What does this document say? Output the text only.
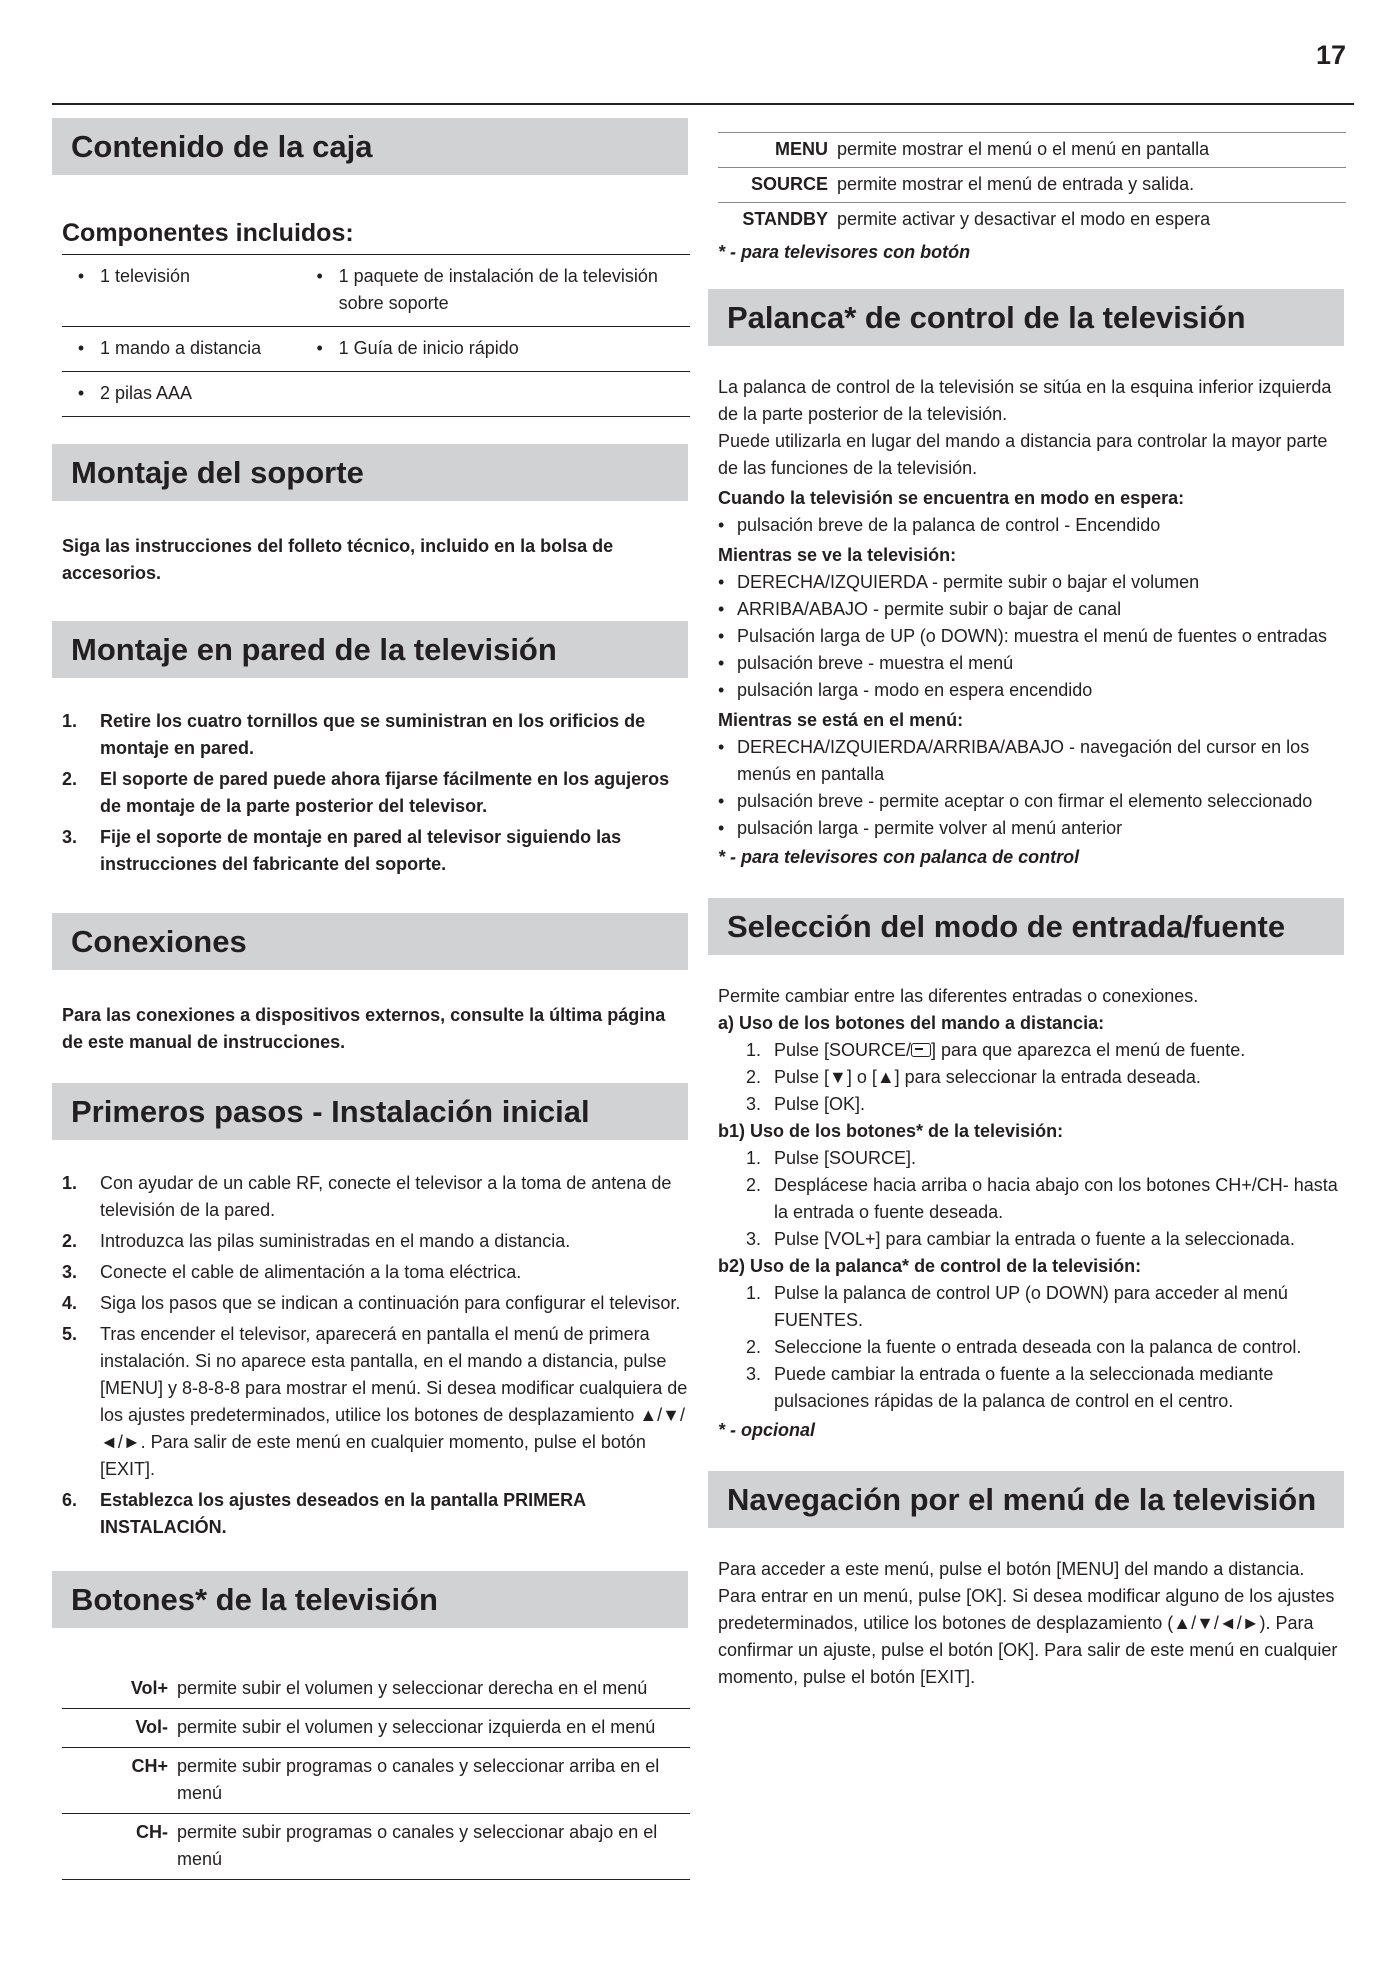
17
Contenido de la caja
Componentes incluidos:
• 1 televisión	• 1 paquete de instalación de la televisión sobre soporte
• 1 mando a distancia	• 1 Guía de inicio rápido
• 2 pilas AAA
Montaje del soporte
Siga las instrucciones del folleto técnico, incluido en la bolsa de accesorios.
Montaje en pared de la televisión
1.	Retire los cuatro tornillos que se suministran en los orificios de montaje en pared.
2.	El soporte de pared puede ahora fijarse fácilmente en los agujeros de montaje de la parte posterior del televisor.
3.	Fije el soporte de montaje en pared al televisor siguiendo las instrucciones del fabricante del soporte.
Conexiones
Para las conexiones a dispositivos externos, consulte la última página de este manual de instrucciones.
Primeros pasos - Instalación inicial
1.	Con ayudar de un cable RF, conecte el televisor a la toma de antena de televisión de la pared.
2.	Introduzca las pilas suministradas en el mando a distancia.
3.	Conecte el cable de alimentación a la toma eléctrica.
4.	Siga los pasos que se indican a continuación para configurar el televisor.
5.	Tras encender el televisor, aparecerá en pantalla el menú de primera instalación. Si no aparece esta pantalla, en el mando a distancia, pulse [MENU] y 8-8-8-8 para mostrar el menú. Si desea modificar cualquiera de los ajustes predeterminados, utilice los botones de desplazamiento ▲/▼/◄/►. Para salir de este menú en cualquier momento, pulse el botón [EXIT].
6.	Establezca los ajustes deseados en la pantalla PRIMERA INSTALACIÓN.
Botones* de la televisión
Vol+ permite subir el volumen y seleccionar derecha en el menú
Vol- permite subir el volumen y seleccionar izquierda en el menú
CH+ permite subir programas o canales y seleccionar arriba en el menú
CH- permite subir programas o canales y seleccionar abajo en el menú
MENU permite mostrar el menú o el menú en pantalla
SOURCE permite mostrar el menú de entrada y salida.
STANDBY permite activar y desactivar el modo en espera
* - para televisores con botón
Palanca* de control de la televisión

La palanca de control de la televisión se sitúa en la esquina inferior izquierda de la parte posterior de la televisión.

Puede utilizarla en lugar del mando a distancia para controlar la mayor parte de las funciones de la televisión.

Cuando la televisión se encuentra en modo en espera:

• pulsación breve de la palanca de control - Encendido

Mientras se ve la televisión:

• DERECHA/IZQUIERDA - permite subir o bajar el volumen
• ARRIBA/ABAJO - permite subir o bajar de canal
• Pulsación larga de UP (o DOWN): muestra el menú de fuentes o entradas
• pulsación breve - muestra el menú
• pulsación larga - modo en espera encendido

Mientras se está en el menú:

• DERECHA/IZQUIERDA/ARRIBA/ABAJO - navegación del cursor en los menús en pantalla
• pulsación breve - permite aceptar o con firmar el elemento seleccionado
• pulsación larga - permite volver al menú anterior
* - para televisores con palanca de control
Selección del modo de entrada/fuente

Permite cambiar entre las diferentes entradas o conexiones.

a) Uso de los botones del mando a distancia:

1. Pulse [SOURCE/ ] para que aparezca el menú de fuente.
2. Pulse [▼] o [▲] para seleccionar la entrada deseada.
3. Pulse [OK].

b1) Uso de los botones* de la televisión:

1. Pulse [SOURCE].
2. Desplácese hacia arriba o hacia abajo con los botones CH+/CH- hasta la entrada o fuente deseada.
3. Pulse [VOL+] para cambiar la entrada o fuente a la seleccionada.

b2) Uso de la palanca* de control de la televisión:

1. Pulse la palanca de control UP (o DOWN) para acceder al menú FUENTES.
2. Seleccione la fuente o entrada deseada con la palanca de control.
3. Puede cambiar la entrada o fuente a la seleccionada mediante pulsaciones rápidas de la palanca de control en el centro.
* - opcional
Navegación por el menú de la televisión
Para acceder a este menú, pulse el botón [MENU] del mando a distancia. Para entrar en un menú, pulse [OK]. Si desea modificar alguno de los ajustes predeterminados, utilice los botones de desplazamiento (▲/▼/◄/►). Para confirmar un ajuste, pulse el botón [OK]. Para salir de este menú en cualquier momento, pulse el botón [EXIT].
